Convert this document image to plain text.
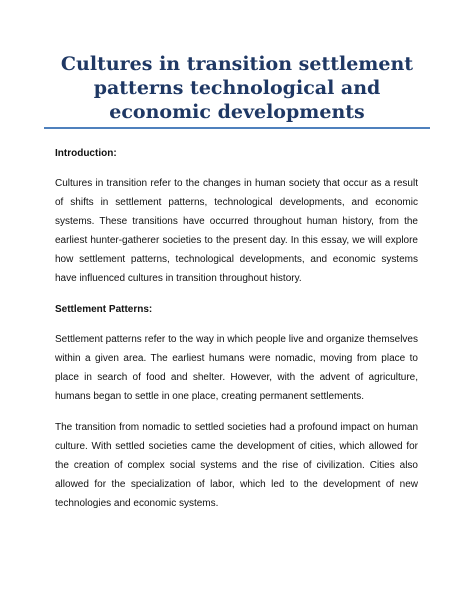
Cultures in transition settlement patterns technological and economic developments

Introduction:

Cultures in transition refer to the changes in human society that occur as a result of shifts in settlement patterns, technological developments, and economic systems. These transitions have occurred throughout human history, from the earliest hunter-gatherer societies to the present day. In this essay, we will explore how settlement patterns, technological developments, and economic systems have influenced cultures in transition throughout history.

Settlement Patterns:

Settlement patterns refer to the way in which people live and organize themselves within a given area. The earliest humans were nomadic, moving from place to place in search of food and shelter. However, with the advent of agriculture, humans began to settle in one place, creating permanent settlements.

The transition from nomadic to settled societies had a profound impact on human culture. With settled societies came the development of cities, which allowed for the creation of complex social systems and the rise of civilization. Cities also allowed for the specialization of labor, which led to the development of new technologies and economic systems.
